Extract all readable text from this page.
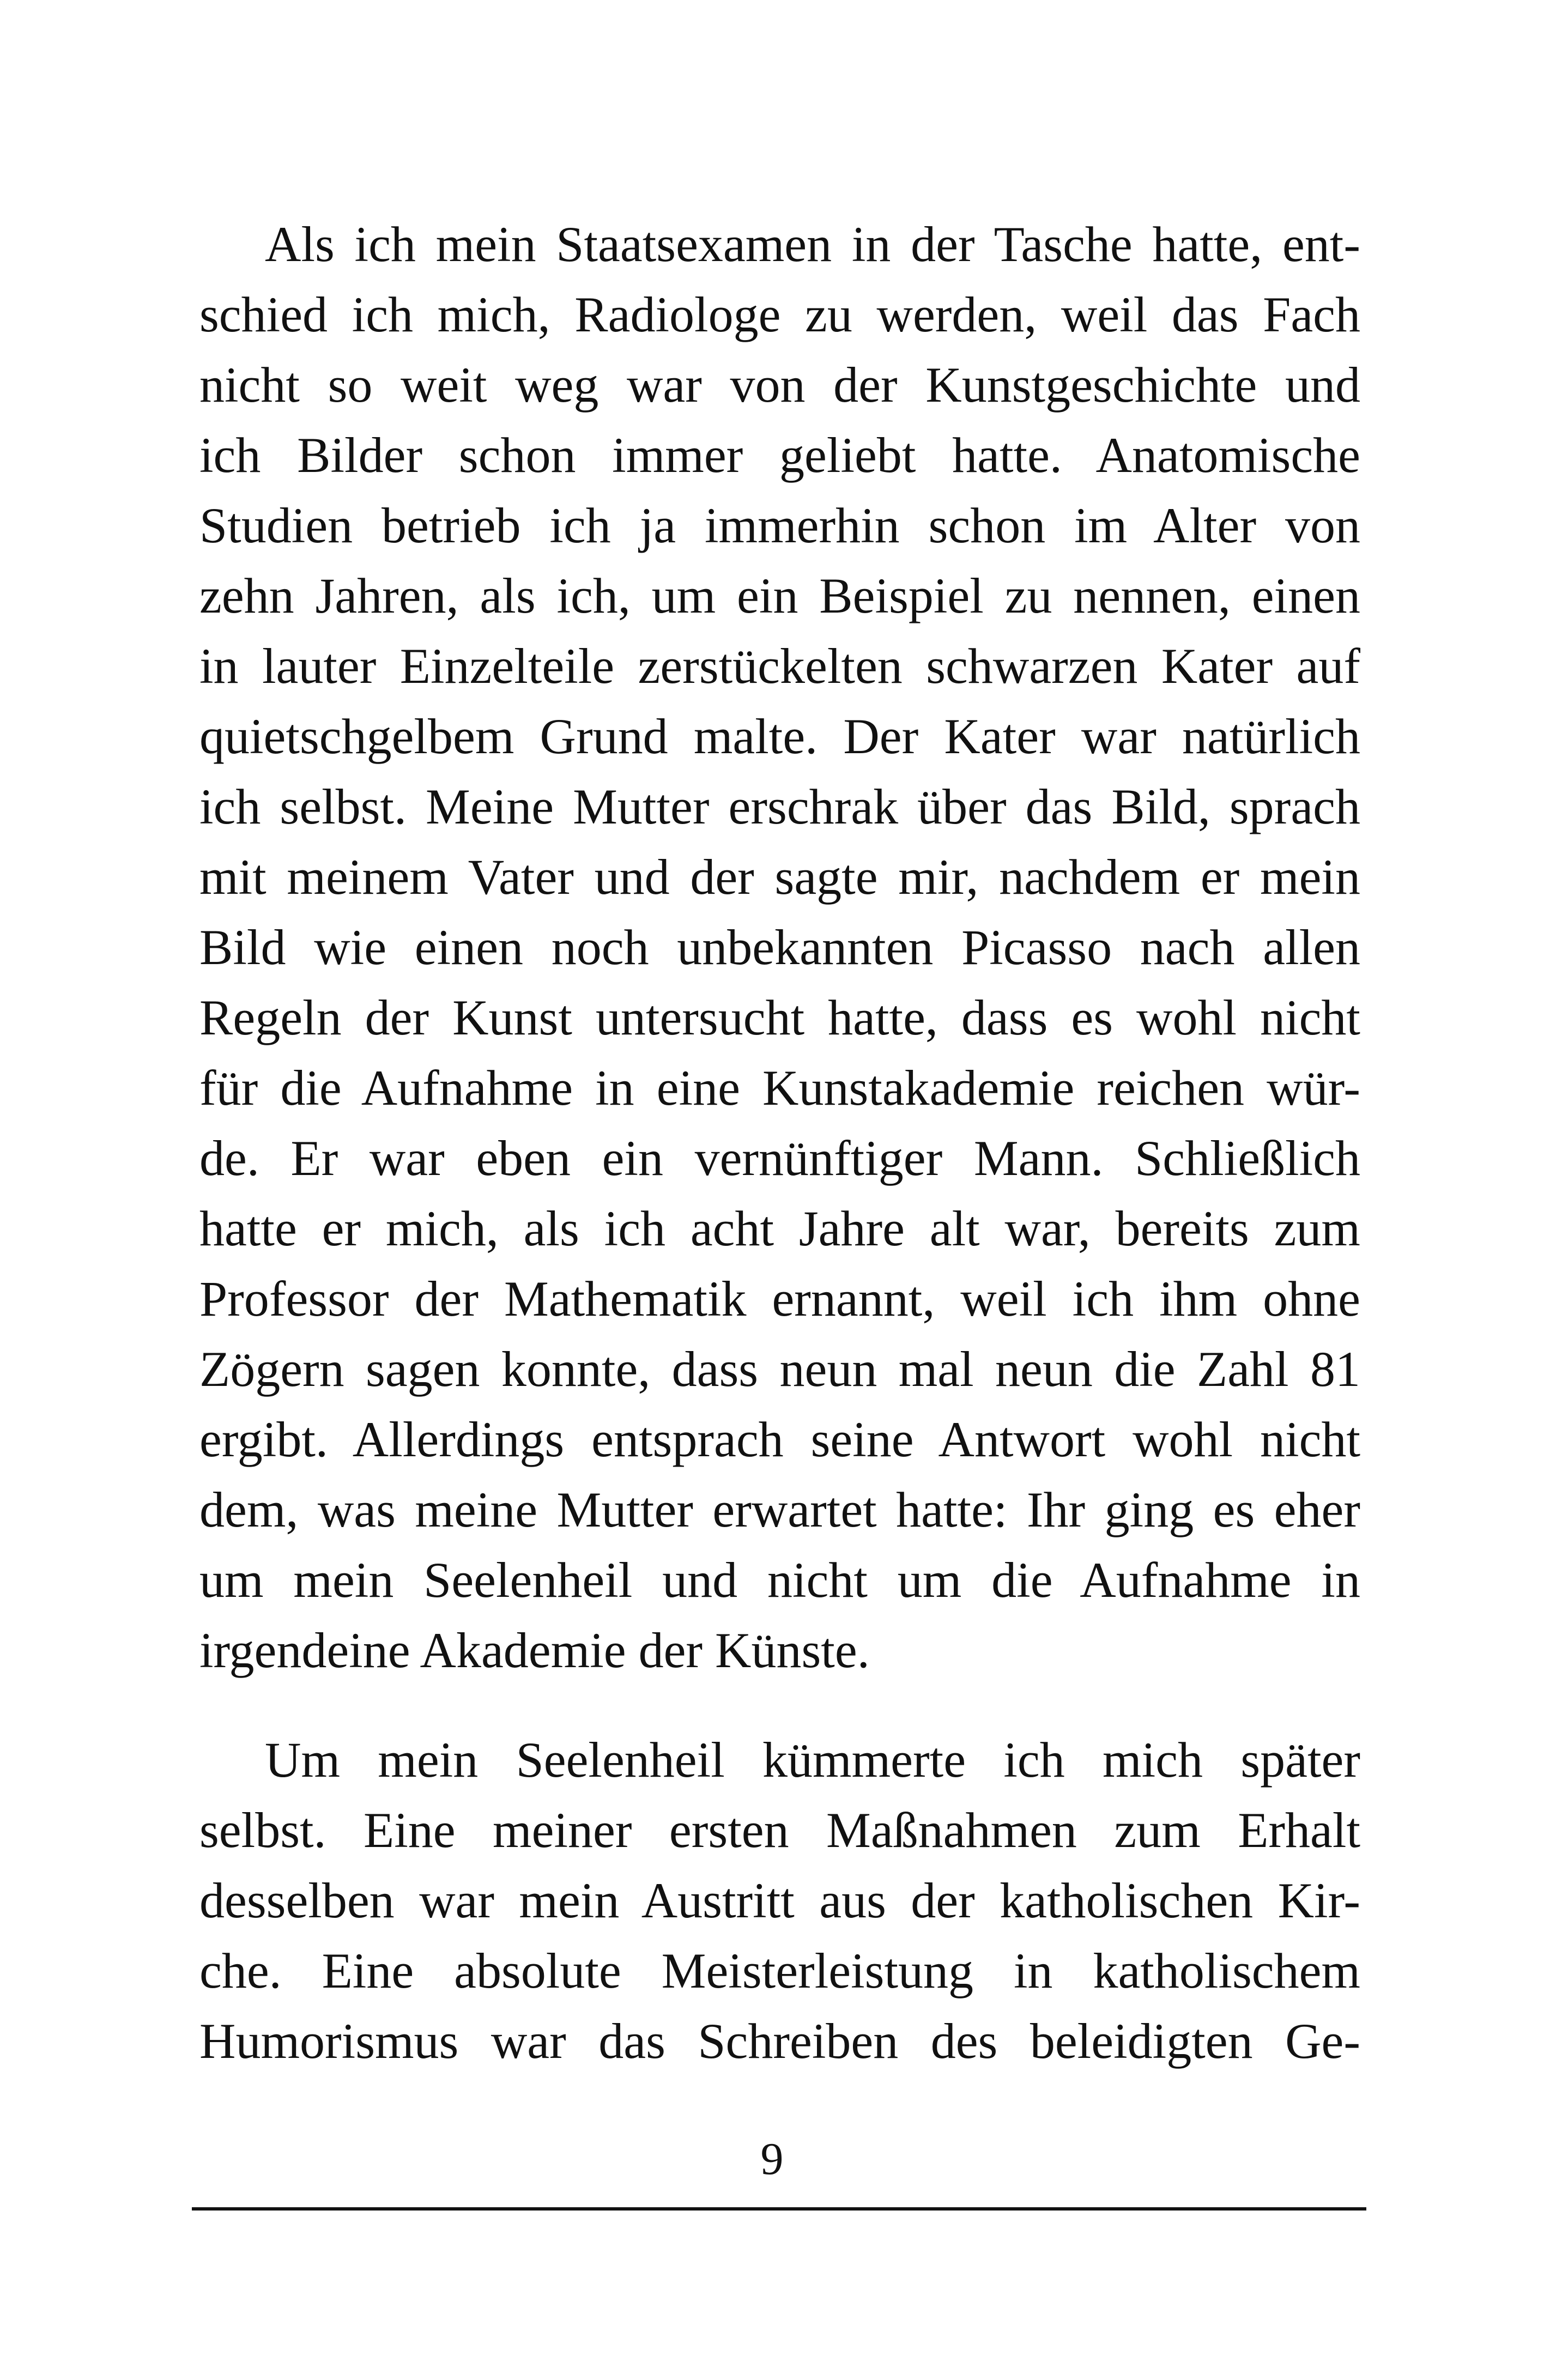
Als ich mein Staatsexamen in der Tasche hatte, ent-
schied ich mich, Radiologe zu werden, weil das Fach
nicht so weit weg war von der Kunstgeschichte und
ich Bilder schon immer geliebt hatte. Anatomische
Studien betrieb ich ja immerhin schon im Alter von
zehn Jahren, als ich, um ein Beispiel zu nennen, einen
in lauter Einzelteile zerstückelten schwarzen Kater auf
quietschgelbem Grund malte. Der Kater war natürlich
ich selbst. Meine Mutter erschrak über das Bild, sprach
mit meinem Vater und der sagte mir, nachdem er mein
Bild wie einen noch unbekannten Picasso nach allen
Regeln der Kunst untersucht hatte, dass es wohl nicht
für die Aufnahme in eine Kunstakademie reichen wür-
de. Er war eben ein vernünftiger Mann. Schließlich
hatte er mich, als ich acht Jahre alt war, bereits zum
Professor der Mathematik ernannt, weil ich ihm ohne
Zögern sagen konnte, dass neun mal neun die Zahl 81
ergibt. Allerdings entsprach seine Antwort wohl nicht
dem, was meine Mutter erwartet hatte: Ihr ging es eher
um mein Seelenheil und nicht um die Aufnahme in
irgendeine Akademie der Künste.
Um mein Seelenheil kümmerte ich mich später
selbst. Eine meiner ersten Maßnahmen zum Erhalt
desselben war mein Austritt aus der katholischen Kir-
che. Eine absolute Meisterleistung in katholischem
Humorismus war das Schreiben des beleidigten Ge-
9
